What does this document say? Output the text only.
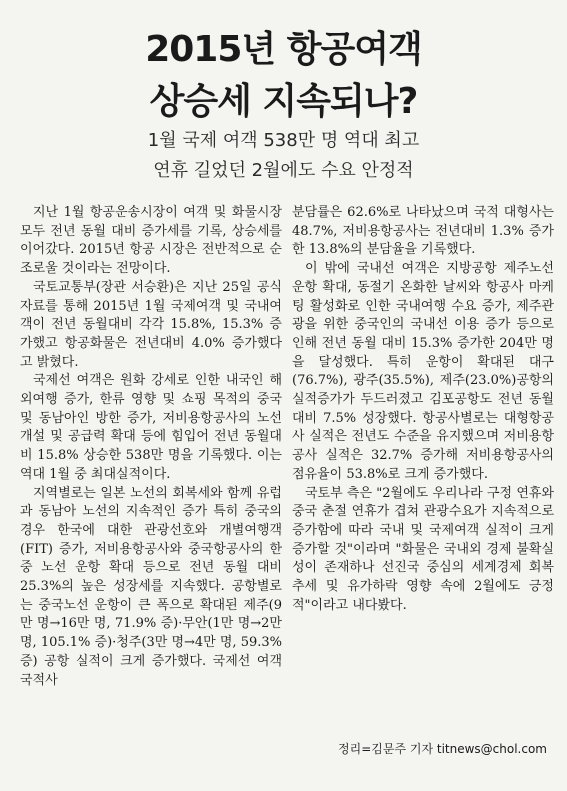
2015년 항공여객
상승세 지속되나?
1월 국제 여객 538만 명 역대 최고
연휴 길었던 2월에도 수요 안정적

지난 1월 항공운송시장이 여객 및 화물시장 모두 전년 동월 대비 증가세를 기록, 상승세를 이어갔다. 2015년 항공 시장은 전반적으로 순조로울 것이라는 전망이다.

국토교통부(장관 서승환)은 지난 25일 공식 자료를 통해 2015년 1월 국제여객 및 국내여객이 전년 동월대비 각각 15.8%, 15.3% 증가했고 항공화물은 전년대비 4.0% 증가했다고 밝혔다.

국제선 여객은 원화 강세로 인한 내국인 해외여행 증가, 한류 영향 및 쇼핑 목적의 중국 및 동남아인 방한 증가, 저비용항공사의 노선 개설 및 공급력 확대 등에 힘입어 전년 동월대비 15.8% 상승한 538만 명을 기록했다. 이는 역대 1월 중 최대실적이다.

지역별로는 일본 노선의 회복세와 함께 유럽과 동남아 노선의 지속적인 증가 특히 중국의 경우 한국에 대한 관광선호와 개별여행객(FIT) 증가, 저비용항공사와 중국항공사의 한중 노선 운항 확대 등으로 전년 동월 대비 25.3%의 높은 성장세를 지속했다. 공항별로는 중국노선 운항이 큰 폭으로 확대된 제주(9만 명→16만 명, 71.9% 증)·무안(1만 명→2만 명, 105.1% 증)·청주(3만 명→4만 명, 59.3% 증) 공항 실적이 크게 증가했다. 국제선 여객 국적사

분담률은 62.6%로 나타났으며 국적 대형사는 48.7%, 저비용항공사는 전년대비 1.3% 증가한 13.8%의 분담율을 기록했다.

이 밖에 국내선 여객은 지방공항 제주노선 운항 확대, 동절기 온화한 날씨와 항공사 마케팅 활성화로 인한 국내여행 수요 증가, 제주관광을 위한 중국인의 국내선 이용 증가 등으로 인해 전년 동월 대비 15.3% 증가한 204만 명을 달성했다. 특히 운항이 확대된 대구(76.7%), 광주(35.5%), 제주(23.0%)공항의 실적증가가 두드러졌고 김포공항도 전년 동월대비 7.5% 성장했다. 항공사별로는 대형항공사 실적은 전년도 수준을 유지했으며 저비용항공사 실적은 32.7% 증가해 저비용항공사의 점유율이 53.8%로 크게 증가했다.

국토부 측은 "2월에도 우리나라 구정 연휴와 중국 춘절 연휴가 겹쳐 관광수요가 지속적으로 증가함에 따라 국내 및 국제여객 실적이 크게 증가할 것"이라며 "화물은 국내외 경제 불확실성이 존재하나 선진국 중심의 세계경제 회복 추세 및 유가하락 영향 속에 2월에도 긍정적"이라고 내다봤다.

정리=김문주 기자 titnews@chol.com
